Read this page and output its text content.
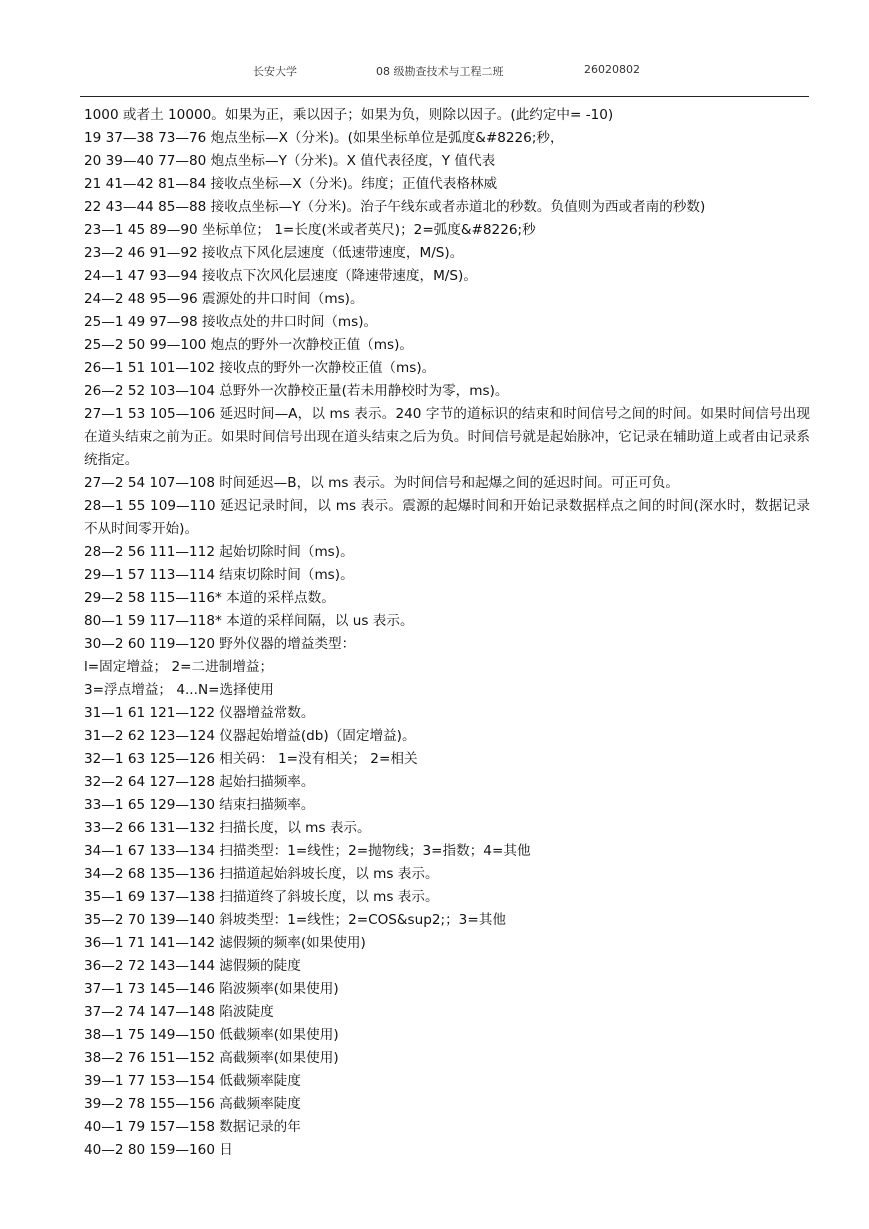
长安大学	08 级勘查技术与工程二班	26020802
1000 或者土 10000。如果为正，乘以因子；如果为负，则除以因子。(此约定中= -10)
19 37—38 73—76 炮点坐标—X（分米)。(如果坐标单位是弧度&#8226;秒，
20 39—40 77—80 炮点坐标—Y（分米)。X 值代表径度，Y 值代表
21 41—42 81—84 接收点坐标—X（分米)。纬度；正值代表格林威
22 43—44 85—88 接收点坐标—Y（分米)。治子午线东或者赤道北的秒数。负值则为西或者南的秒数)
23—1 45 89—90 坐标单位； 1=长度(米或者英尺)；2=弧度&#8226;秒
23—2 46 91—92 接收点下风化层速度（低速带速度，M/S)。
24—1 47 93—94 接收点下次风化层速度（降速带速度，M/S)。
24—2 48 95—96 震源处的井口时间（ms)。
25—1 49 97—98 接收点处的井口时间（ms)。
25—2 50 99—100 炮点的野外一次静校正值（ms)。
26—1 51 101—102 接收点的野外一次静校正值（ms)。
26—2 52 103—104 总野外一次静校正量(若未用静校时为零，ms)。
27—1 53 105—106 延迟时间—A，以 ms 表示。240 字节的道标识的结束和时间信号之间的时间。如果时间信号出现在道头结束之前为正。如果时间信号出现在道头结束之后为负。时间信号就是起始脉冲，它记录在辅助道上或者由记录系统指定。
27—2 54 107—108 时间延迟—B，以 ms 表示。为时间信号和起爆之间的延迟时间。可正可负。
28—1 55 109—110 延迟记录时间，以 ms 表示。震源的起爆时间和开始记录数据样点之间的时间(深水时，数据记录不从时间零开始)。
28—2 56 111—112 起始切除时间（ms)。
29—1 57 113—114 结束切除时间（ms)。
29—2 58 115—116* 本道的采样点数。
80—1 59 117—118* 本道的采样间隔，以 us 表示。
30—2 60 119—120 野外仪器的增益类型：
l=固定增益； 2=二进制增益；
3=浮点增益； 4...N=选择使用
31—1 61 121—122 仪器增益常数。
31—2 62 123—124 仪器起始增益(db)（固定增益)。
32—1 63 125—126 相关码： 1=没有相关； 2=相关
32—2 64 127—128 起始扫描频率。
33—1 65 129—130 结束扫描频率。
33—2 66 131—132 扫描长度，以 ms 表示。
34—1 67 133—134 扫描类型：1=线性；2=抛物线；3=指数；4=其他
34—2 68 135—136 扫描道起始斜坡长度，以 ms 表示。
35—1 69 137—138 扫描道终了斜坡长度，以 ms 表示。
35—2 70 139—140 斜坡类型：1=线性；2=COS&sup2;；3=其他
36—1 71 141—142 滤假频的频率(如果使用)
36—2 72 143—144 滤假频的陡度
37—1 73 145—146 陷波频率(如果使用)
37—2 74 147—148 陷波陡度
38—1 75 149—150 低截频率(如果使用)
38—2 76 151—152 高截频率(如果使用)
39—1 77 153—154 低截频率陡度
39—2 78 155—156 高截频率陡度
40—1 79 157—158 数据记录的年
40—2 80 159—160 日
